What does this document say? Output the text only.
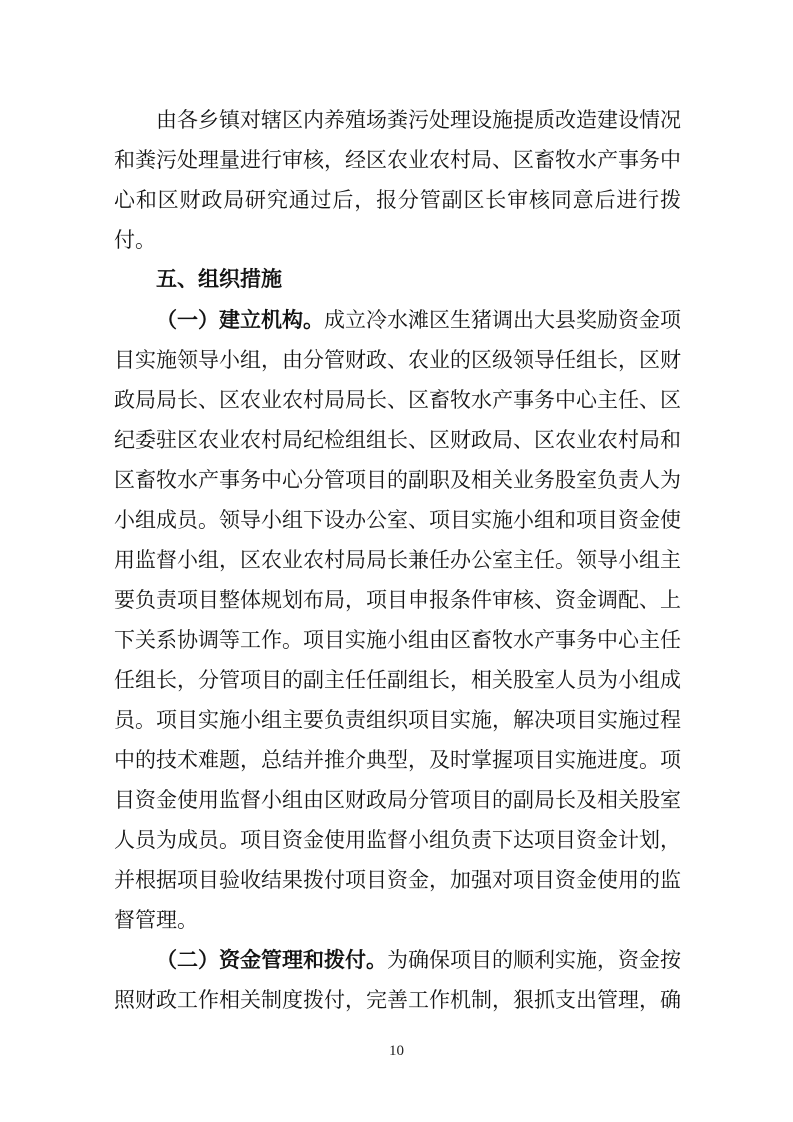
由各乡镇对辖区内养殖场粪污处理设施提质改造建设情况和粪污处理量进行审核，经区农业农村局、区畜牧水产事务中心和区财政局研究通过后，报分管副区长审核同意后进行拨付。

五、组织措施

（一）建立机构。成立冷水滩区生猪调出大县奖励资金项目实施领导小组，由分管财政、农业的区级领导任组长，区财政局局长、区农业农村局局长、区畜牧水产事务中心主任、区纪委驻区农业农村局纪检组组长、区财政局、区农业农村局和区畜牧水产事务中心分管项目的副职及相关业务股室负责人为小组成员。领导小组下设办公室、项目实施小组和项目资金使用监督小组，区农业农村局局长兼任办公室主任。领导小组主要负责项目整体规划布局，项目申报条件审核、资金调配、上下关系协调等工作。项目实施小组由区畜牧水产事务中心主任任组长，分管项目的副主任任副组长，相关股室人员为小组成员。项目实施小组主要负责组织项目实施，解决项目实施过程中的技术难题，总结并推介典型，及时掌握项目实施进度。项目资金使用监督小组由区财政局分管项目的副局长及相关股室人员为成员。项目资金使用监督小组负责下达项目资金计划，并根据项目验收结果拨付项目资金，加强对项目资金使用的监督管理。

（二）资金管理和拨付。为确保项目的顺利实施，资金按照财政工作相关制度拨付，完善工作机制，狠抓支出管理，确

10
